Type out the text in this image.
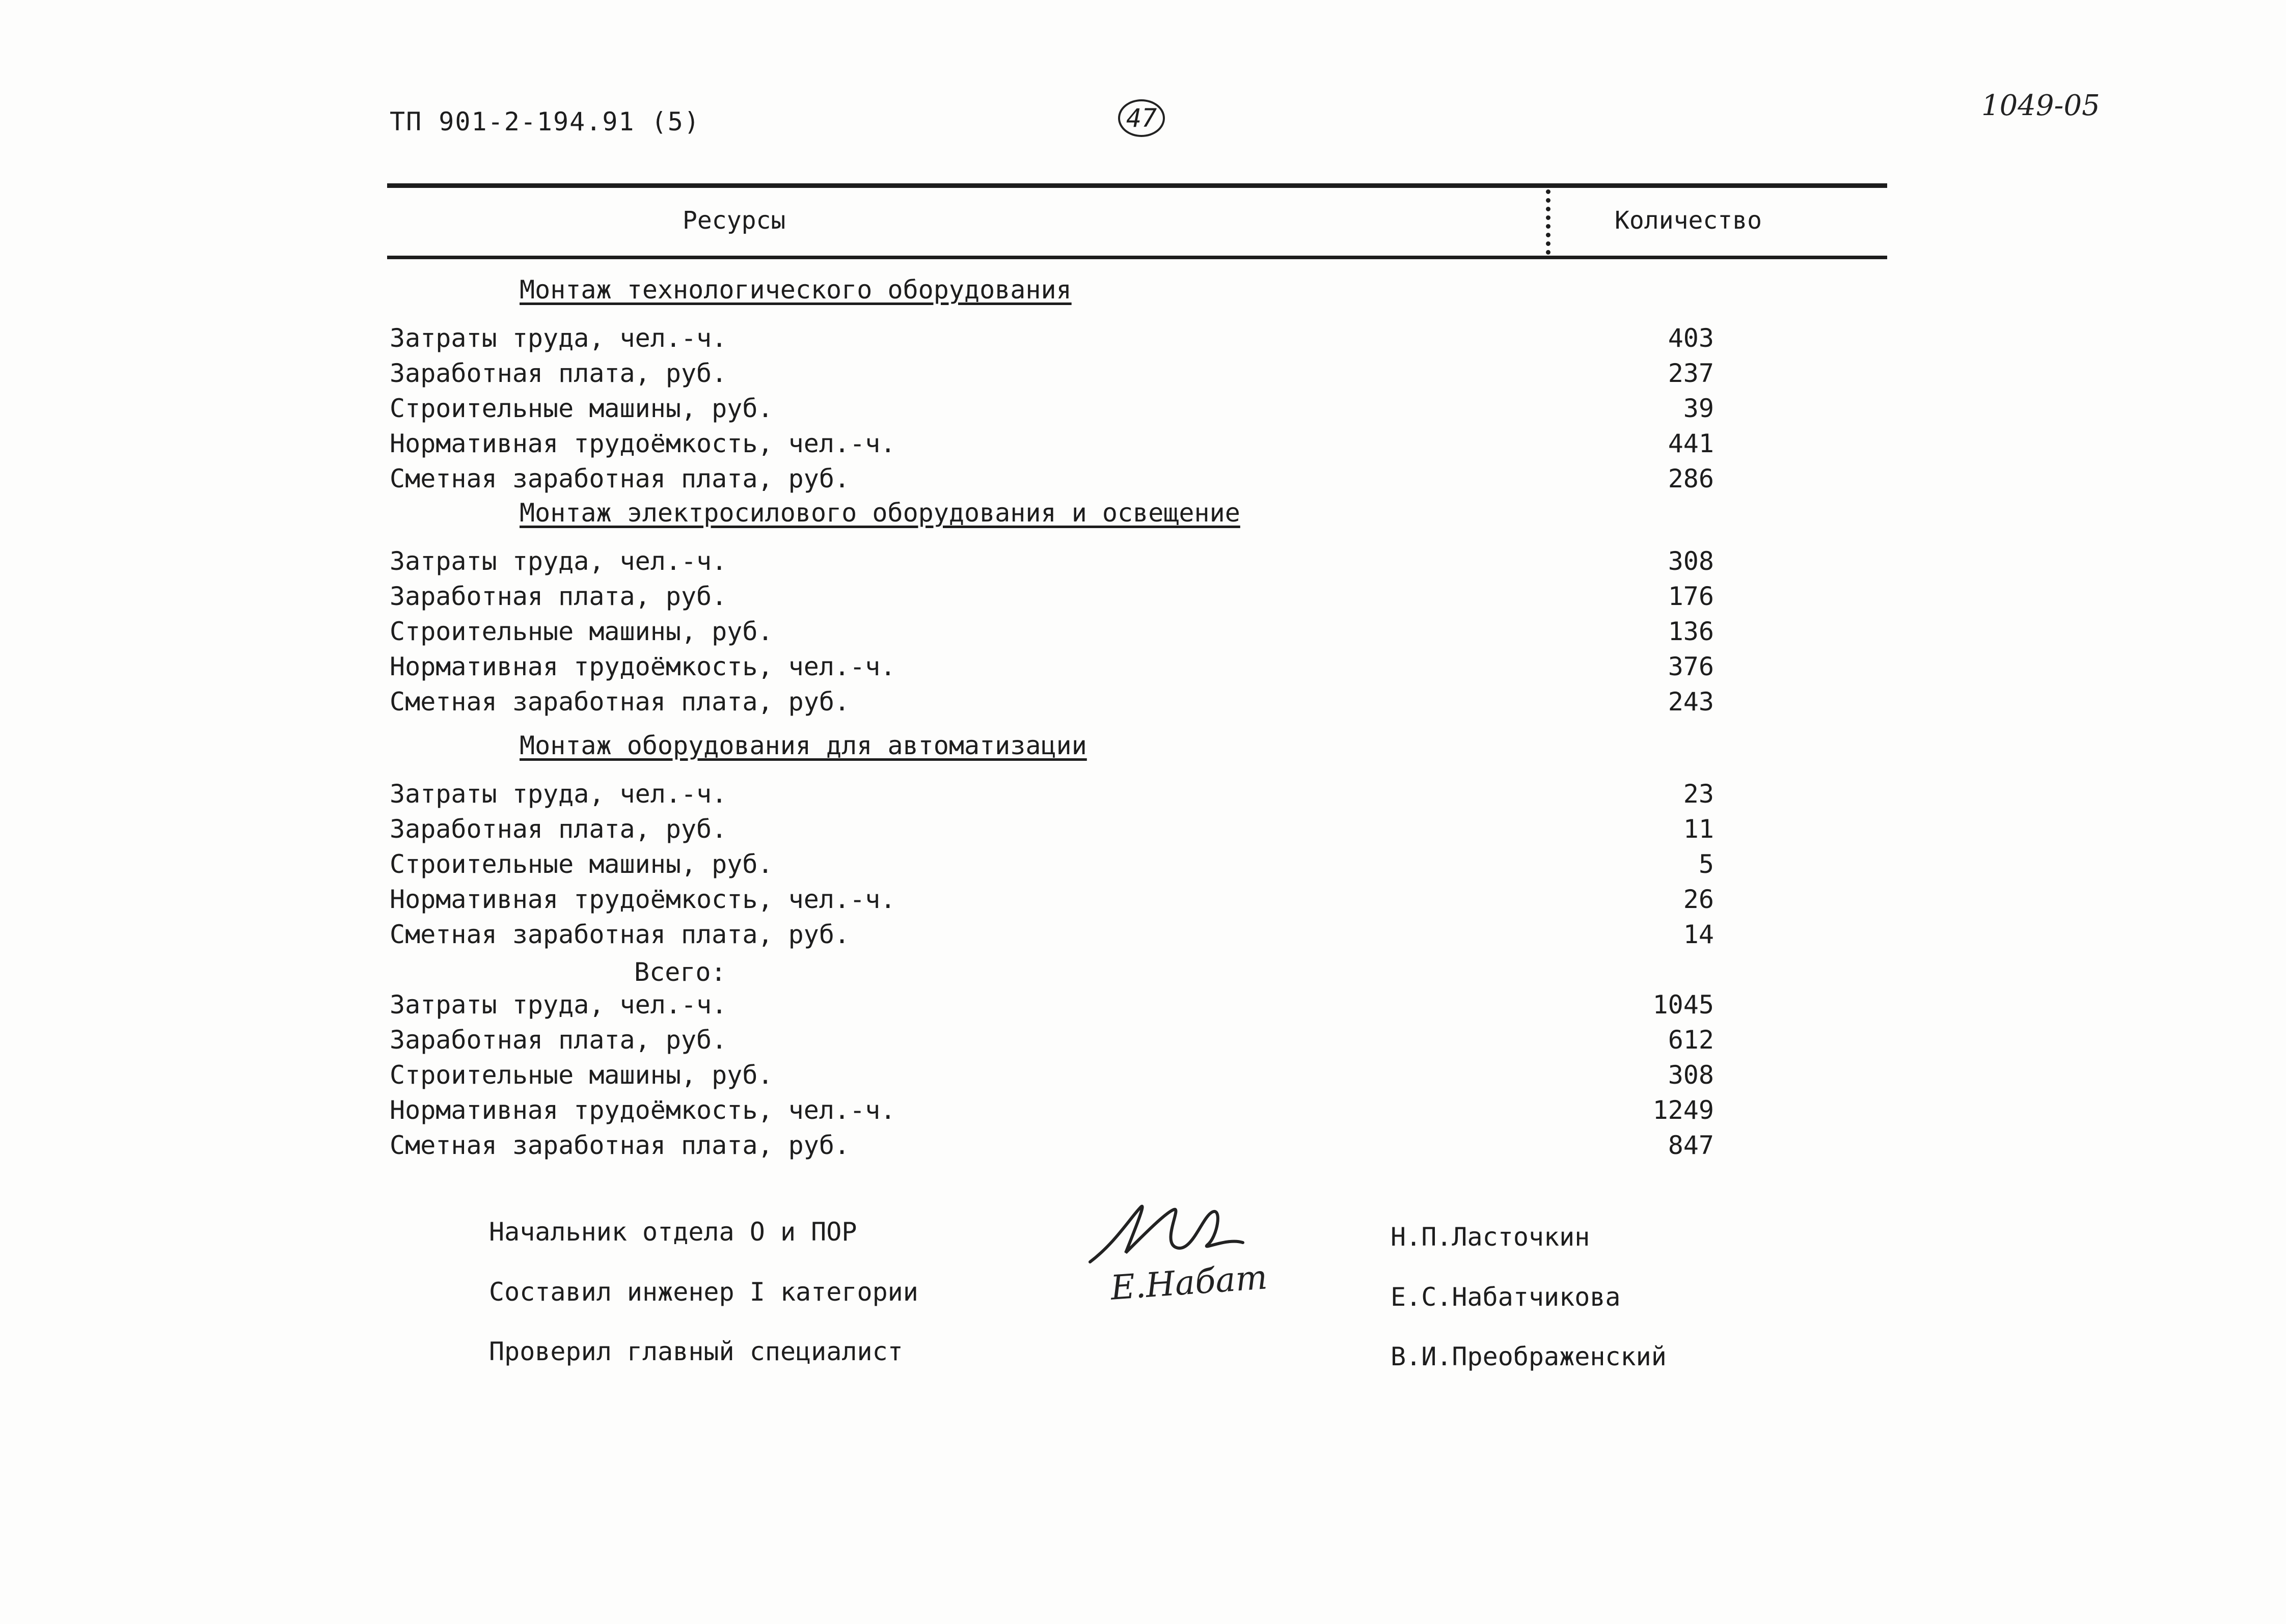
ТП 901-2-194.91 (5)	47	1049-05
Ресурсы	Количество
Монтаж технологического оборудования
Затраты труда, чел.-ч.	403
Заработная плата, руб.	237
Строительные машины, руб.	39
Нормативная трудоёмкость, чел.-ч.	441
Сметная заработная плата, руб.	286
Монтаж электросилового оборудования и освещение
Затраты труда, чел.-ч.	308
Заработная плата, руб.	176
Строительные машины, руб.	136
Нормативная трудоёмкость, чел.-ч.	376
Сметная заработная плата, руб.	243
Монтаж оборудования для автоматизации
Затраты труда, чел.-ч.	23
Заработная плата, руб.	11
Строительные машины, руб.	5
Нормативная трудоёмкость, чел.-ч.	26
Сметная заработная плата, руб.	14
Всего:
Затраты труда, чел.-ч.	1045
Заработная плата, руб.	612
Строительные машины, руб.	308
Нормативная трудоёмкость, чел.-ч.	1249
Сметная заработная плата, руб.	847
Начальник отдела О и ПОР
Составил инженер I категории
Проверил главный специалист
Е.Набат
Н.П.Ласточкин
Е.С.Набатчикова
В.И.Преображенский
